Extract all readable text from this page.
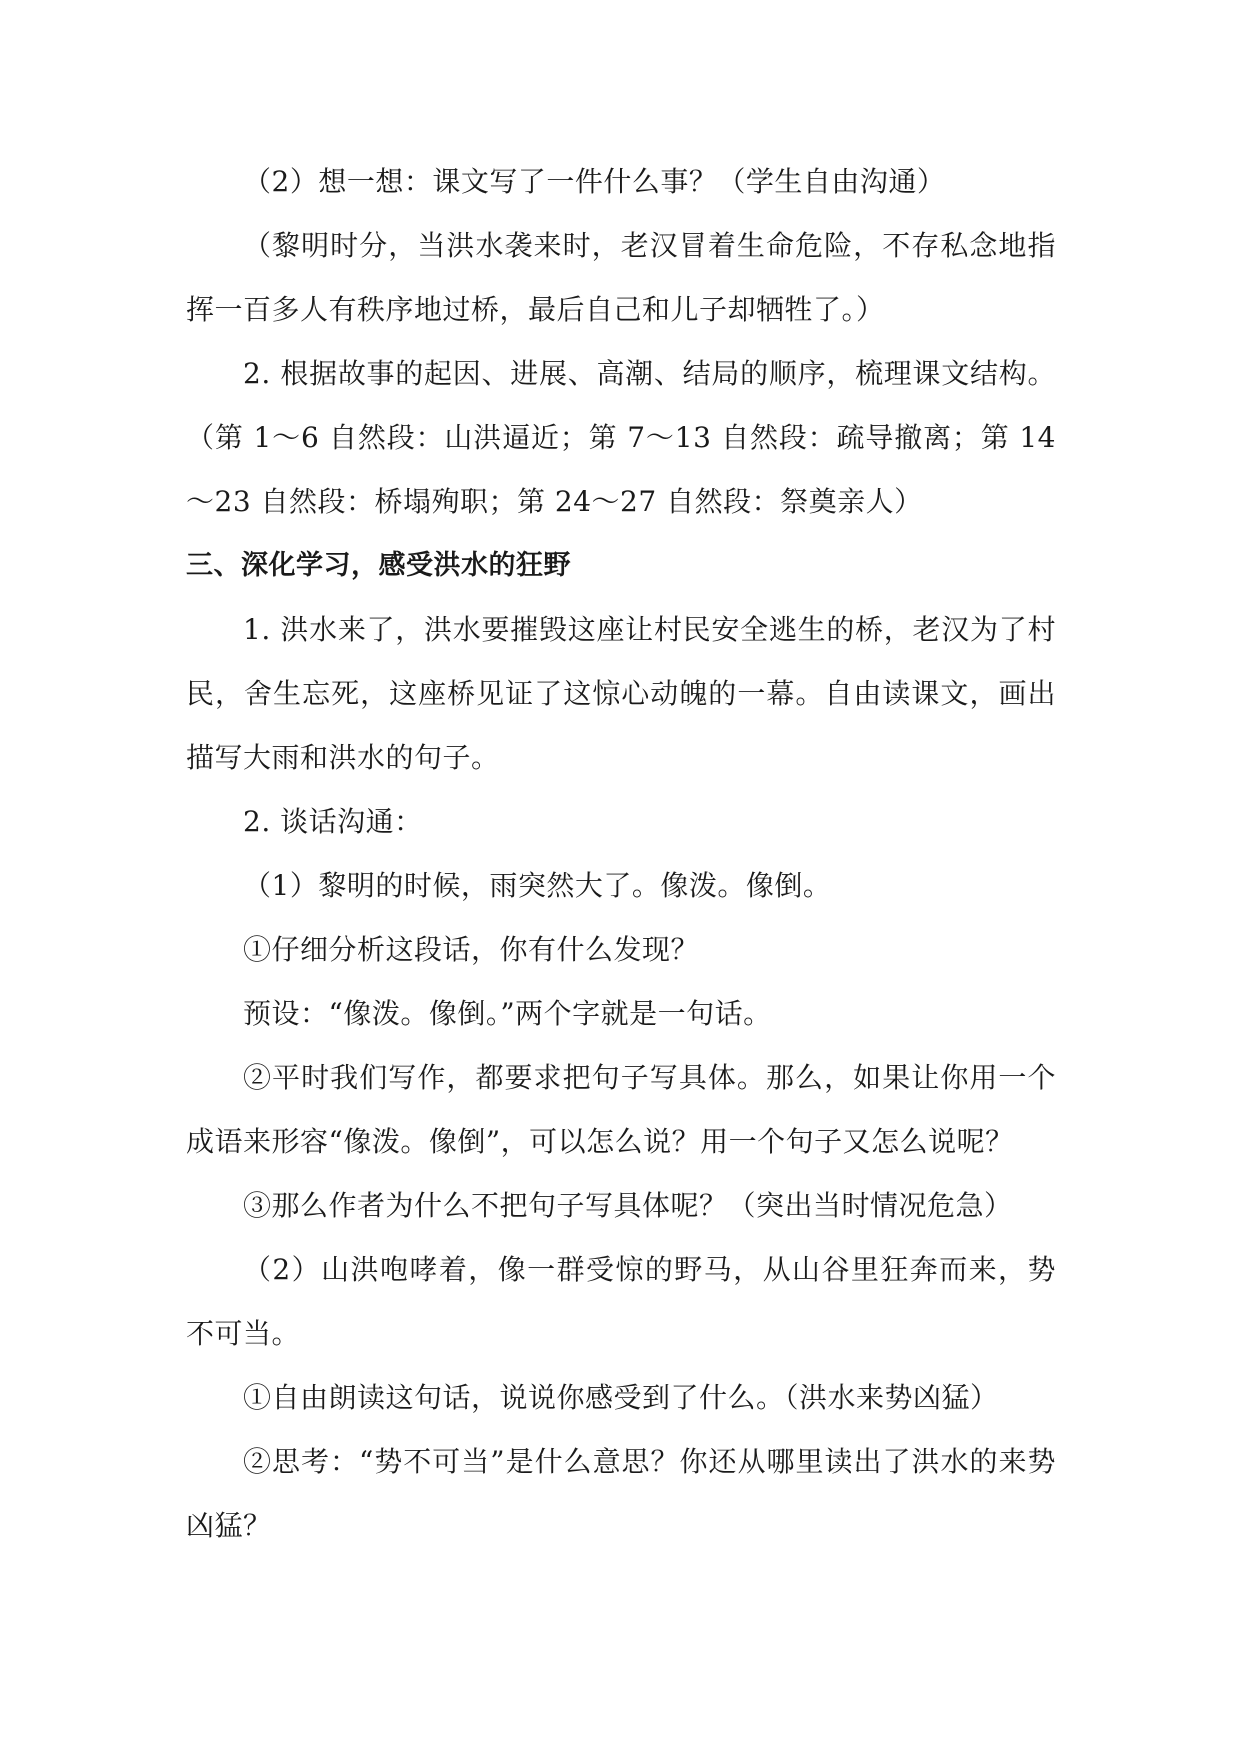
（2）想一想：课文写了一件什么事？（学生自由沟通）

（黎明时分，当洪水袭来时，老汉冒着生命危险，不存私念地指挥一百多人有秩序地过桥，最后自己和儿子却牺牲了。）

2. 根据故事的起因、进展、高潮、结局的顺序，梳理课文结构。（第 1～6 自然段：山洪逼近；第 7～13 自然段：疏导撤离；第 14～23 自然段：桥塌殉职；第 24～27 自然段：祭奠亲人）

三、深化学习，感受洪水的狂野

1. 洪水来了，洪水要摧毁这座让村民安全逃生的桥，老汉为了村民，舍生忘死，这座桥见证了这惊心动魄的一幕。自由读课文，画出描写大雨和洪水的句子。

2. 谈话沟通：

（1）黎明的时候，雨突然大了。像泼。像倒。

①仔细分析这段话，你有什么发现？

预设：“像泼。像倒。”两个字就是一句话。

②平时我们写作，都要求把句子写具体。那么，如果让你用一个成语来形容“像泼。像倒”，可以怎么说？用一个句子又怎么说呢？

③那么作者为什么不把句子写具体呢？（突出当时情况危急）

（2）山洪咆哮着，像一群受惊的野马，从山谷里狂奔而来，势不可当。

①自由朗读这句话，说说你感受到了什么。（洪水来势凶猛）

②思考：“势不可当”是什么意思？你还从哪里读出了洪水的来势凶猛？
